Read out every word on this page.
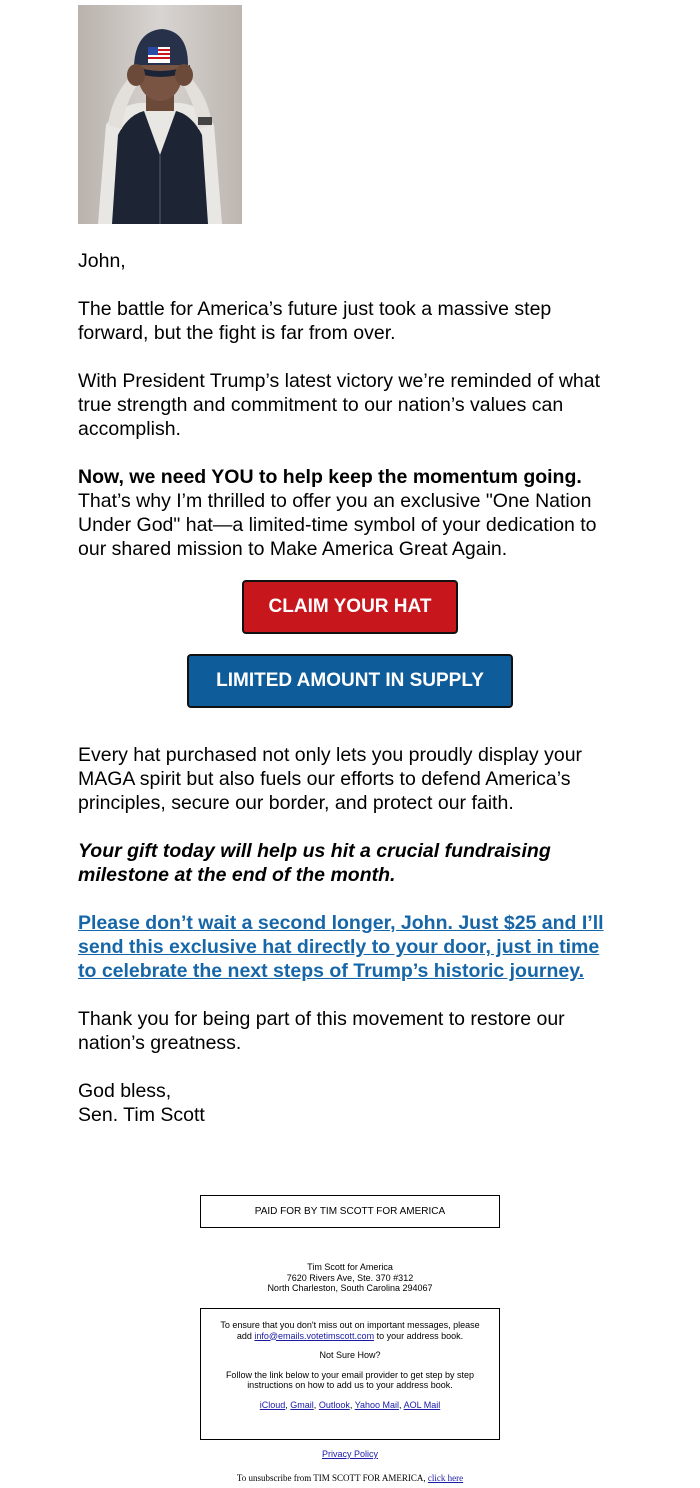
John,

The battle for America’s future just took a massive step forward, but the fight is far from over.

With President Trump’s latest victory we’re reminded of what true strength and commitment to our nation’s values can accomplish.

Now, we need YOU to help keep the momentum going.
That’s why I’m thrilled to offer you an exclusive "One Nation Under God" hat—a limited-time symbol of your dedication to our shared mission to Make America Great Again.

CLAIM YOUR HAT
LIMITED AMOUNT IN SUPPLY

Every hat purchased not only lets you proudly display your MAGA spirit but also fuels our efforts to defend America’s principles, secure our border, and protect our faith.

Your gift today will help us hit a crucial fundraising milestone at the end of the month.

Please don’t wait a second longer, John. Just $25 and I’ll send this exclusive hat directly to your door, just in time to celebrate the next steps of Trump’s historic journey.

Thank you for being part of this movement to restore our nation’s greatness.

God bless,

Sen. Tim Scott

PAID FOR BY TIM SCOTT FOR AMERICA
Tim Scott for America
7620 Rivers Ave, Ste. 370 #312
North Charleston, South Carolina 294067

To ensure that you don't miss out on important messages, please add info@emails.votetimscott.com to your address book.

Not Sure How?

Follow the link below to your email provider to get step by step instructions on how to add us to your address book.

iCloud, Gmail, Outlook, Yahoo Mail, AOL Mail

Privacy Policy
To unsubscribe from TIM SCOTT FOR AMERICA, click here
